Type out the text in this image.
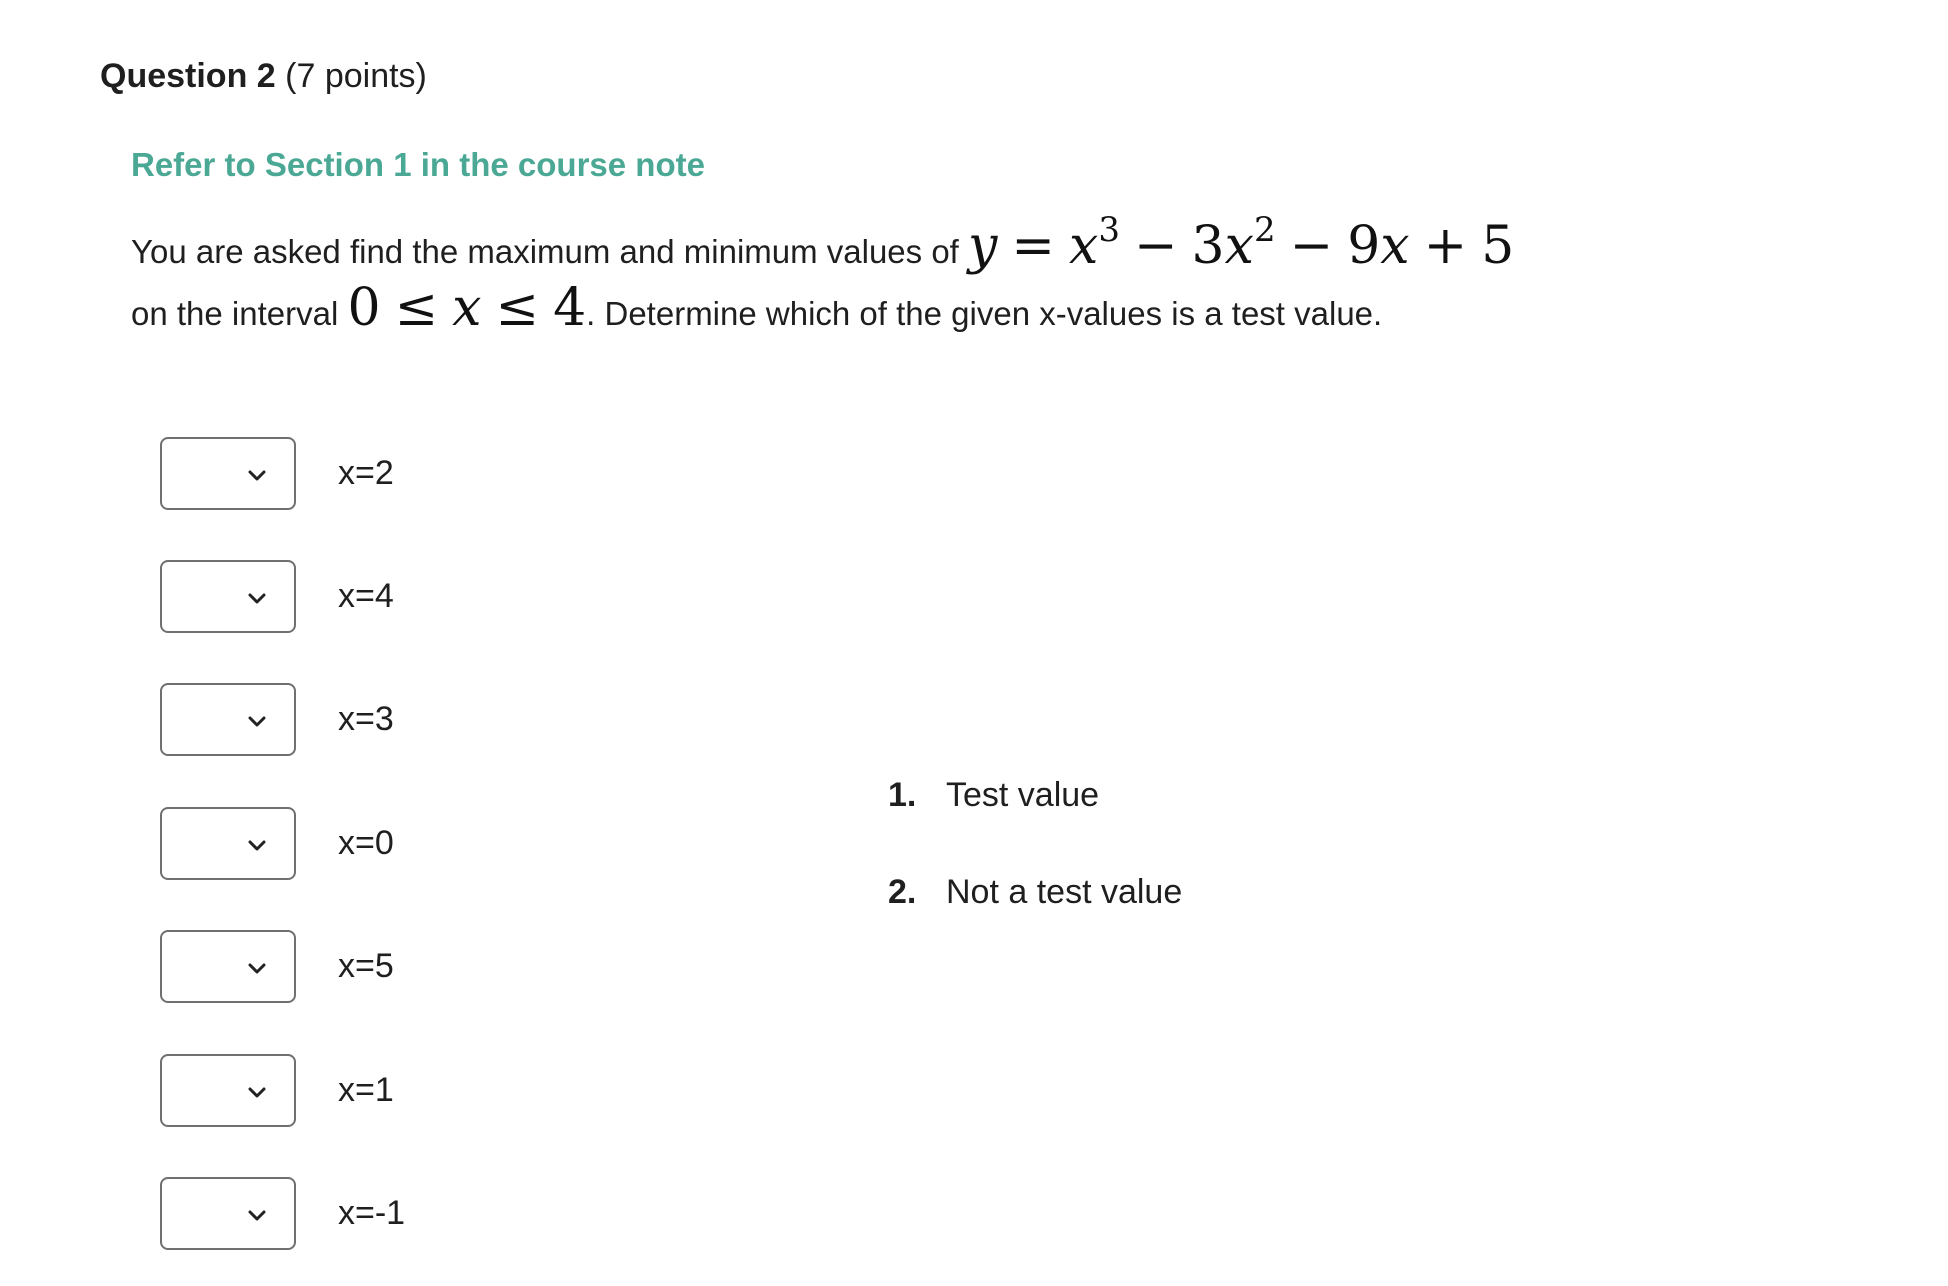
Question 2 (7 points)
Refer to Section 1 in the course note
You are asked find the maximum and minimum values of $y = x^3 - 3x^2 - 9x + 5$
on the interval 0 ≤ x ≤ 4. Determine which of the given x-values is a test value.
x=2
x=4
x=3
x=0
x=5
x=1
x=-1
1. Test value
2. Not a test value
